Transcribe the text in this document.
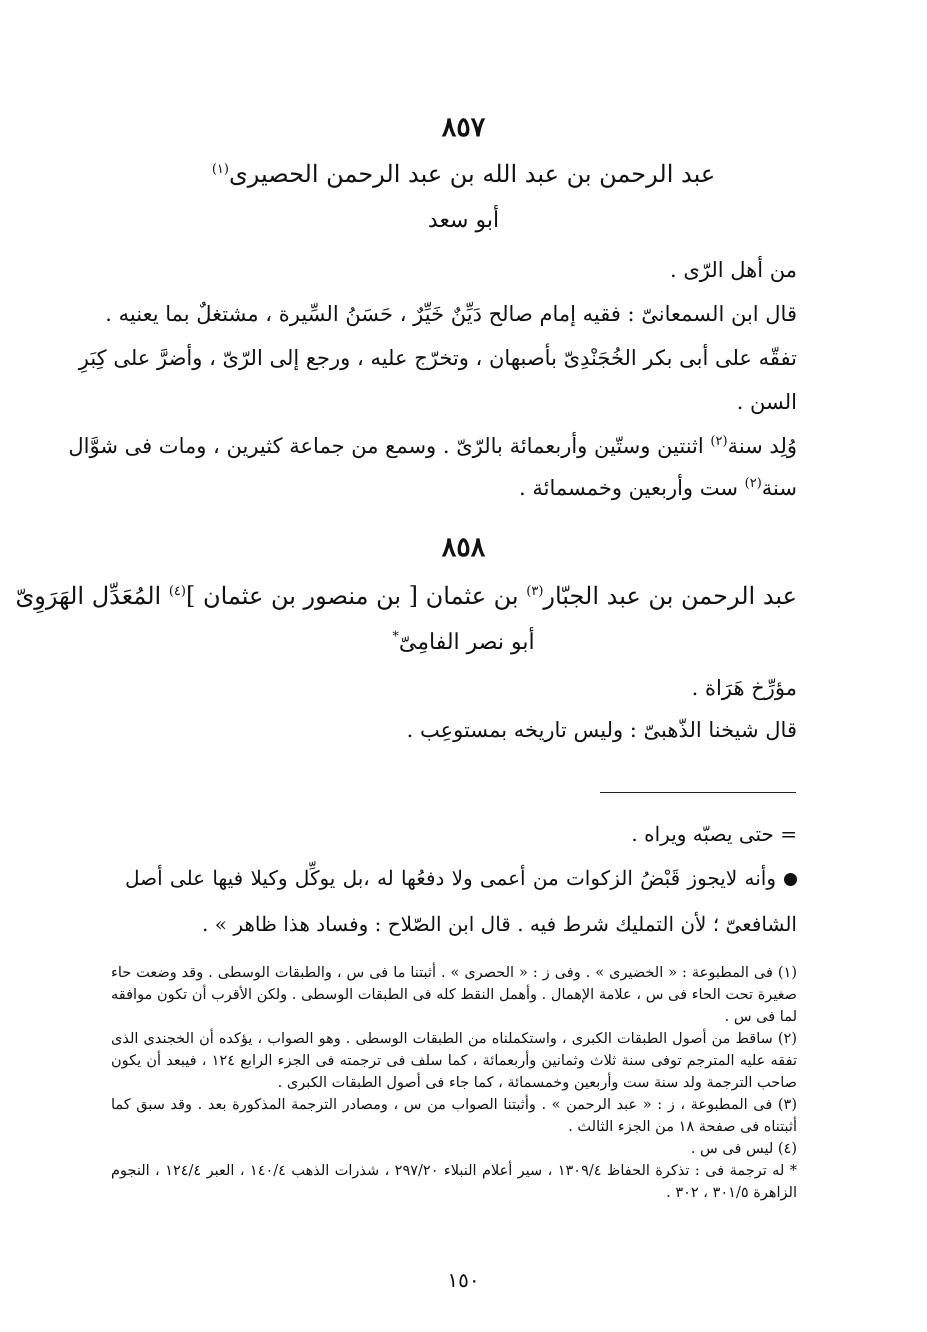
٨٥٧
عبد الرحمن بن عبد الله بن عبد الرحمن الحصيرى$^{(١)}$
أبو سعد
من أهل الرّى .
قال ابن السمعانىّ : فقيه إمام صالح دَيِّنٌ خَيِّرٌ ، حَسَنُ السِّيرة ، مشتغلٌ بما يعنيه .
تفقّه على أبى بكر الخُجَنْدِىّ بأصبهان ، وتخرّج عليه ، ورجع إلى الرّىّ ، وأضرَّ على كِبَرِ
السن .
وُلِد سنة$^{(٢)}$ اثنتين وستّين وأربعمائة بالرّىّ . وسمع من جماعة كثيرين ، ومات فى شوَّال
سنة$^{(٢)}$ ست وأربعين وخمسمائة .
٨٥٨
عبد الرحمن بن عبد الجبّار$^{(٣)}$ بن عثمان [ بن منصور بن عثمان ]$^{(٤)}$ المُعَدِّل الهَرَوِىّ
أبو نصر الفامِىّ*
مؤرِّخ هَرَاة .
قال شيخنا الذّهبىّ : وليس تاريخه بمستوعِب .
= حتى يصبّه ويراه .
وأنه لايجوز قَبْضُ الزكوات من أعمى ولا دفعُها له ،بل يوكِّل وكيلا فيها على أصل
الشافعىّ ؛ لأن التمليك شرط فيه . قال ابن الصّلاح : وفساد هذا ظاهر » .

(١) فى المطبوعة : « الخضيرى » . وفى ز : « الحصرى » . أثبتنا ما فى س ، والطبقات الوسطى . وقد وضعت حاء صغيرة تحت الحاء فى س ، علامة الإهمال . وأهمل النقط كله فى الطبقات الوسطى . ولكن الأقرب أن تكون موافقه لما فى س .

(٢) ساقط من أصول الطبقات الكبرى ، واستكملناه من الطبقات الوسطى . وهو الصواب ، يؤكده أن الخجندى الذى تفقه عليه المترجم توفى سنة ثلاث وثمانين وأربعمائة ، كما سلف فى ترجمته فى الجزء الرابع ١٢٤ ، فيبعد أن يكون صاحب الترجمة ولد سنة ست وأربعين وخمسمائة ، كما جاء فى أصول الطبقات الكبرى .

(٣) فى المطبوعة ، ز : « عبد الرحمن » . وأثبتنا الصواب من س ، ومصادر الترجمة المذكورة بعد . وقد سبق كما أثبتناه فى صفحة ١٨ من الجزء الثالث .

(٤) ليس فى س .

* له ترجمة فى : تذكرة الحفاظ ١٣٠٩/٤ ، سير أعلام النبلاء ٢٩٧/٢٠ ، شذرات الذهب ١٤٠/٤ ، العبر ١٢٤/٤ ، النجوم الزاهرة ٣٠١/٥ ، ٣٠٢ .

١٥٠
